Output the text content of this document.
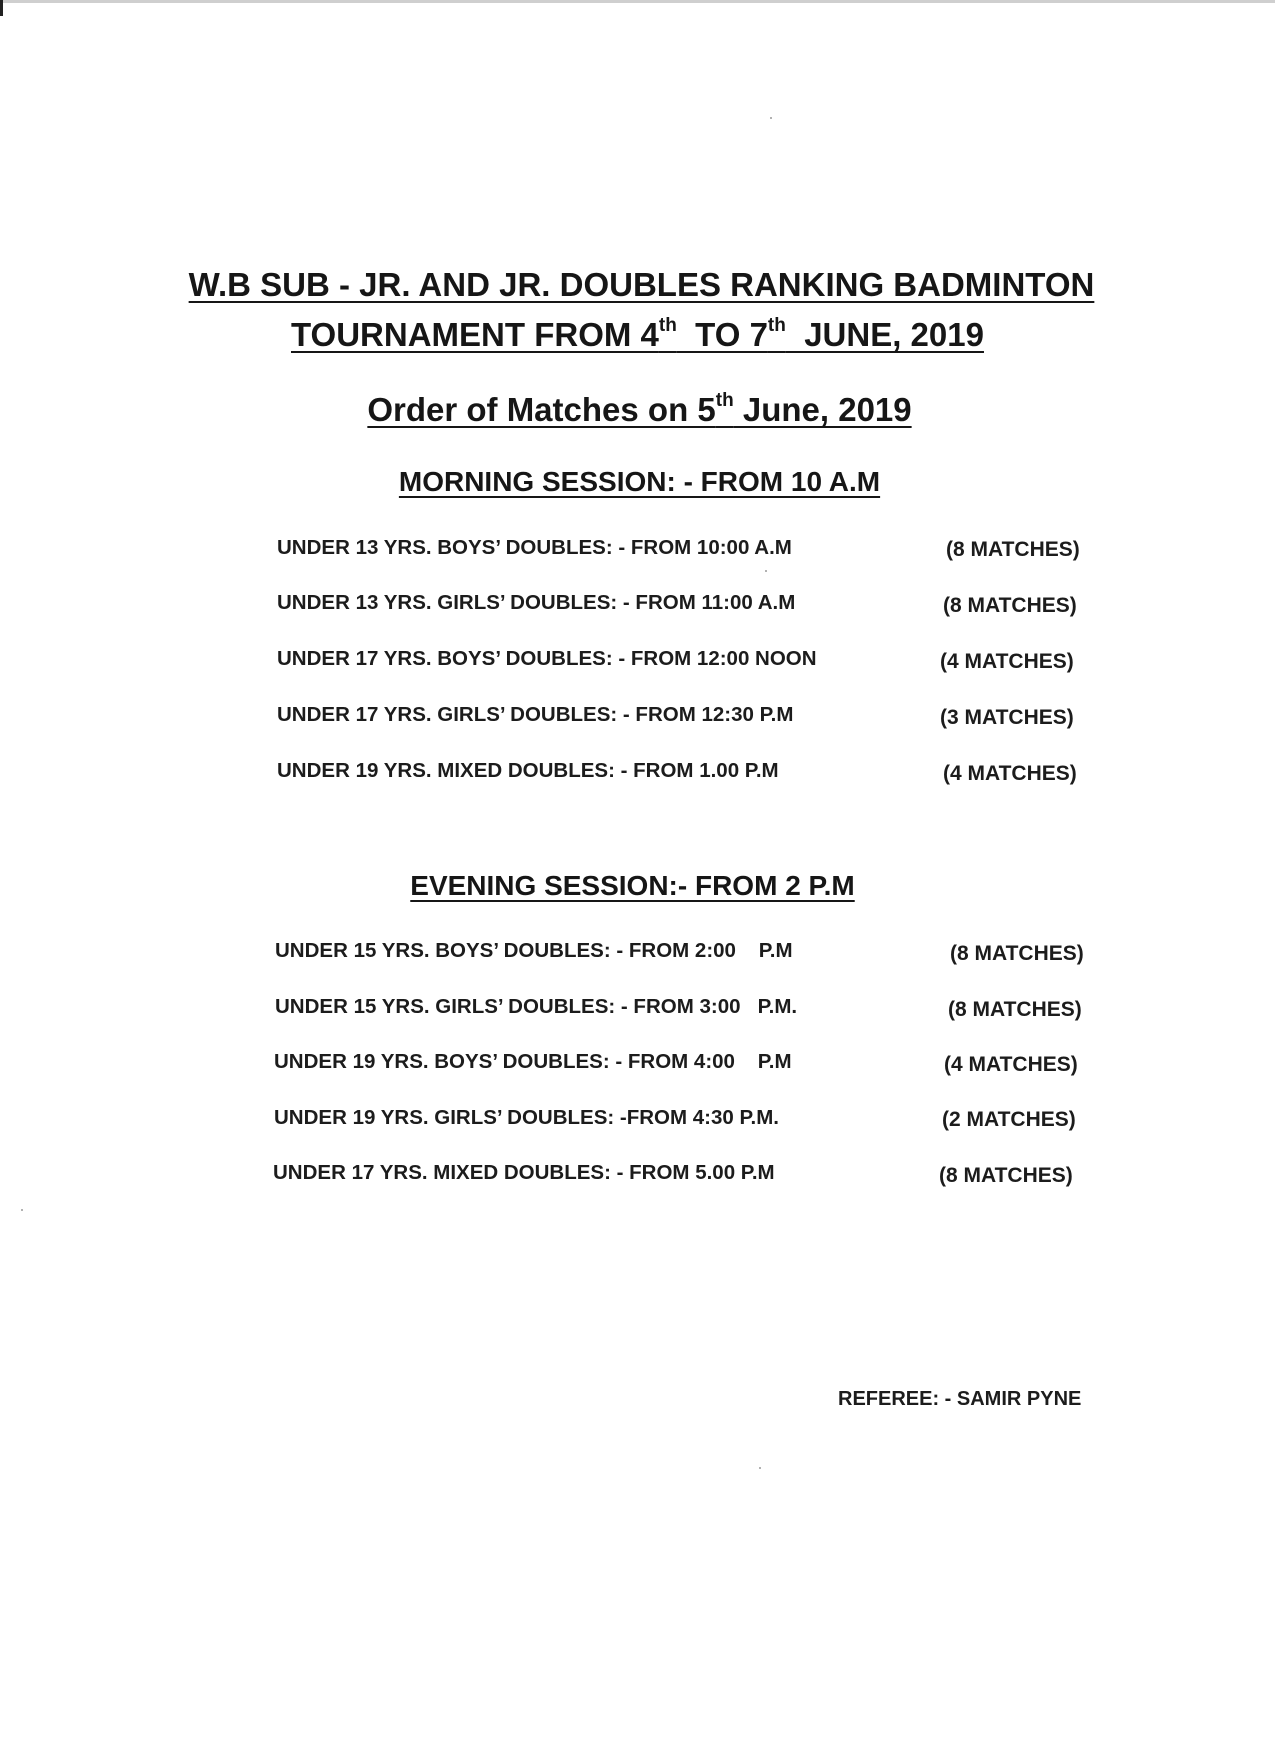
W.B SUB - JR. AND JR. DOUBLES RANKING BADMINTON
TOURNAMENT FROM 4th  TO 7th  JUNE, 2019
Order of Matches on 5th June, 2019
MORNING SESSION: - FROM 10 A.M
UNDER 13 YRS. BOYS’ DOUBLES: - FROM 10:00 A.M	(8 MATCHES)
UNDER 13 YRS. GIRLS’ DOUBLES: - FROM 11:00 A.M	(8 MATCHES)
UNDER 17 YRS. BOYS’ DOUBLES: - FROM 12:00 NOON	(4 MATCHES)
UNDER 17 YRS. GIRLS’ DOUBLES: - FROM 12:30 P.M	(3 MATCHES)
UNDER 19 YRS. MIXED DOUBLES: - FROM 1.00 P.M	(4 MATCHES)
EVENING SESSION:- FROM 2 P.M
UNDER 15 YRS. BOYS’ DOUBLES: - FROM 2:00    P.M	(8 MATCHES)
UNDER 15 YRS. GIRLS’ DOUBLES: - FROM 3:00   P.M.	(8 MATCHES)
UNDER 19 YRS. BOYS’ DOUBLES: - FROM 4:00    P.M	(4 MATCHES)
UNDER 19 YRS. GIRLS’ DOUBLES: -FROM 4:30 P.M.	(2 MATCHES)
UNDER 17 YRS. MIXED DOUBLES: - FROM 5.00 P.M	(8 MATCHES)
REFEREE: - SAMIR PYNE
